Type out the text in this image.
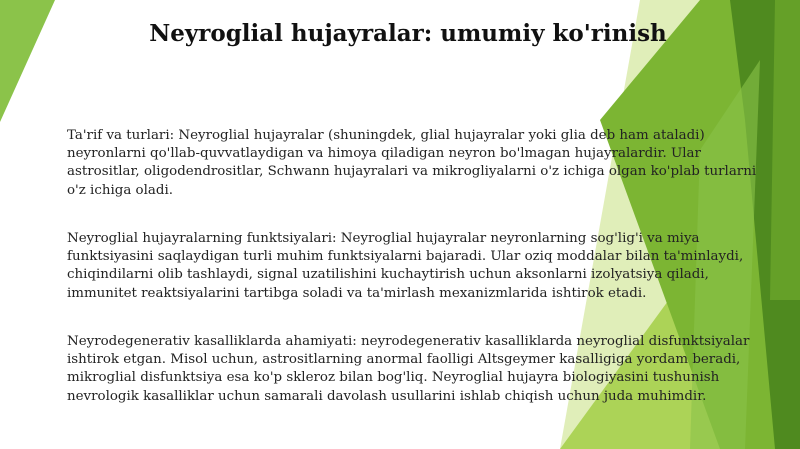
Neyroglial hujayralar: umumiy ko'rinish
Ta'rif va turlari: Neyroglial hujayralar (shuningdek, glial hujayralar yoki glia deb ham ataladi) neyronlarni qo'llab-quvvatlaydigan va himoya qiladigan neyron bo'lmagan hujayralardir. Ular astrositlar, oligodendrositlar, Schwann hujayralari va mikrogliyalarni o'z ichiga olgan ko'plab turlarni o'z ichiga oladi.
Neyroglial hujayralarning funktsiyalari: Neyroglial hujayralar neyronlarning sog'lig'i va miya funktsiyasini saqlaydigan turli muhim funktsiyalarni bajaradi. Ular oziq moddalar bilan ta'minlaydi, chiqindilarni olib tashlaydi, signal uzatilishini kuchaytirish uchun aksonlarni izolyatsiya qiladi, immunitet reaktsiyalarini tartibga soladi va ta'mirlash mexanizmlarida ishtirok etadi.
Neyrodegenerativ kasalliklarda ahamiyati: neyrodegenerativ kasalliklarda neyroglial disfunktsiyalar ishtirok etgan. Misol uchun, astrositlarning anormal faolligi Altsgeymer kasalligiga yordam beradi, mikroglial disfunktsiya esa ko'p skleroz bilan bog'liq. Neyroglial hujayra biologiyasini tushunish nevrologik kasalliklar uchun samarali davolash usullarini ishlab chiqish uchun juda muhimdir.
